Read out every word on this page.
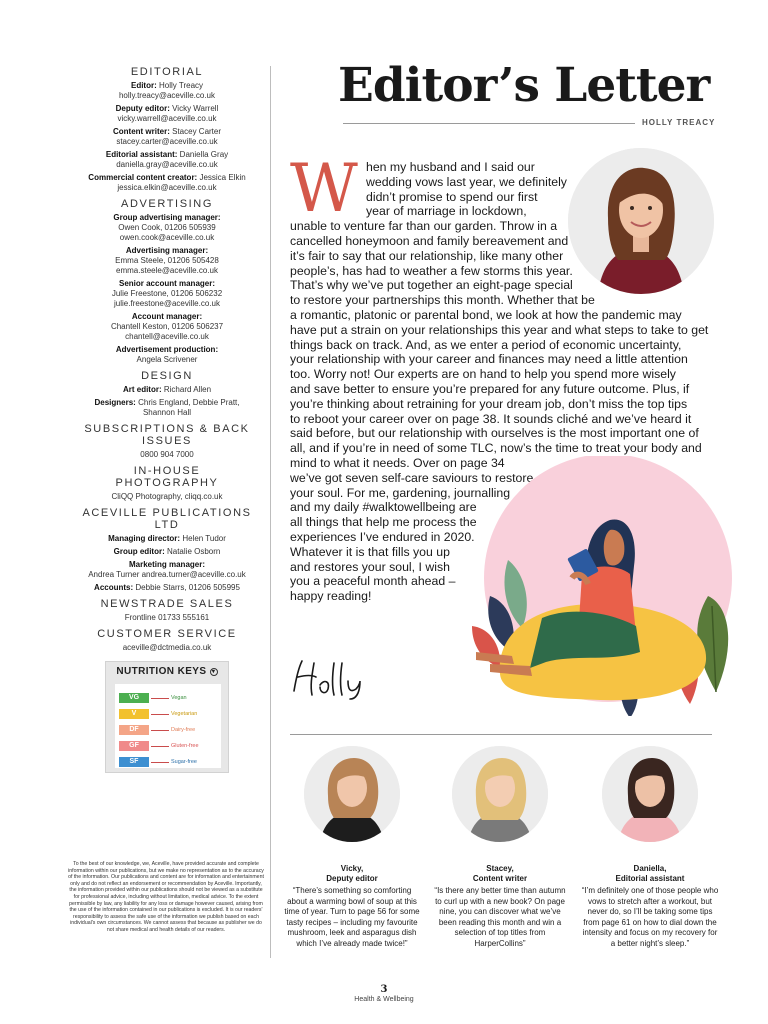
EDITORIAL
Editor: Holly Treacy
holly.treacy@aceville.co.uk
Deputy editor: Vicky Warrell
vicky.warrell@aceville.co.uk
Content writer: Stacey Carter
stacey.carter@aceville.co.uk
Editorial assistant: Daniella Gray
daniella.gray@aceville.co.uk
Commercial content creator: Jessica Elkin
jessica.elkin@aceville.co.uk
ADVERTISING
Group advertising manager:
Owen Cook, 01206 505939
owen.cook@aceville.co.uk
Advertising manager:
Emma Steele, 01206 505428
emma.steele@aceville.co.uk
Senior account manager:
Julie Freestone, 01206 506232
julie.freestone@aceville.co.uk
Account manager:
Chantell Keston, 01206 506237
chantell@aceville.co.uk
Advertisement production:
Angela Scrivener
DESIGN
Art editor: Richard Allen
Designers: Chris England, Debbie Pratt, Shannon Hall
SUBSCRIPTIONS & BACK ISSUES
0800 904 7000
IN-HOUSE PHOTOGRAPHY
CliQQ Photography, cliqq.co.uk
ACEVILLE PUBLICATIONS LTD
Managing director: Helen Tudor
Group editor: Natalie Osborn
Marketing manager:
Andrea Turner andrea.turner@aceville.co.uk
Accounts: Debbie Starrs, 01206 505995
NEWSTRADE SALES
Frontline 01733 555161
CUSTOMER SERVICE
aceville@dctmedia.co.uk
NUTRITION KEYS ▾
VG	Vegan
V	Vegetarian
DF	Dairy-free
GF	Gluten-free
SF	Sugar-free
To the best of our knowledge, we, Aceville, have provided accurate and complete information within our publications, but we make no representation as to the accuracy of the information. Our publications and content are for information and entertainment only and do not reflect an endorsement or recommendation by Aceville. Importantly, the information provided within our publications should not be viewed as a substitute for professional advice, including without limitation, medical advice. To the extent permissible by law, any liability for any loss or damage however caused, arising from the use of the information contained in our publications is excluded. It is our readers' responsibility to assess the safe use of the information we publish based on each individual's own circumstances. We cannot assess that because as publisher we do not share medical and health details of our readers.
Editor’s Letter
HOLLY TREACY
W hen my husband and I said our
wedding vows last year, we definitely
didn’t promise to spend our first
year of marriage in lockdown,
unable to venture far than our garden. Throw in a
cancelled honeymoon and family bereavement and
it’s fair to say that our relationship, like many other
people’s, has had to weather a few storms this year.
That’s why we’ve put together an eight-page special
to restore your partnerships this month. Whether that be
a romantic, platonic or parental bond, we look at how the pandemic may
have put a strain on your relationships this year and what steps to take to get
things back on track. And, as we enter a period of economic uncertainty,
your relationship with your career and finances may need a little attention
too. Worry not! Our experts are on hand to help you spend more wisely
and save better to ensure you’re prepared for any future outcome. Plus, if
you’re thinking about retraining for your dream job, don’t miss the top tips
to reboot your career over on page 38. It sounds cliché and we’ve heard it
said before, but our relationship with ourselves is the most important one of
all, and if you’re in need of some TLC, now’s the time to treat your body and
mind to what it needs. Over on page 34
we’ve got seven self-care saviours to restore
your soul. For me, gardening, journalling
and my daily #walktowellbeing are
all things that help me process the
experiences I’ve endured in 2020.
Whatever it is that fills you up
and restores your soul, I wish
you a peaceful month ahead –
happy reading!
Vicky,
Deputy editor
“There’s something so comforting about a warming bowl of soup at this time of year. Turn to page 56 for some tasty recipes – including my favourite mushroom, leek and asparagus dish which I’ve already made twice!”
Stacey,
Content writer
“Is there any better time than autumn to curl up with a new book? On page nine, you can discover what we’ve been reading this month and win a selection of top titles from HarperCollins”
Daniella,
Editorial assistant
“I’m definitely one of those people who vows to stretch after a workout, but never do, so I’ll be taking some tips from page 61 on how to dial down the intensity and focus on my recovery for a better night’s sleep.”
3
Health & Wellbeing
